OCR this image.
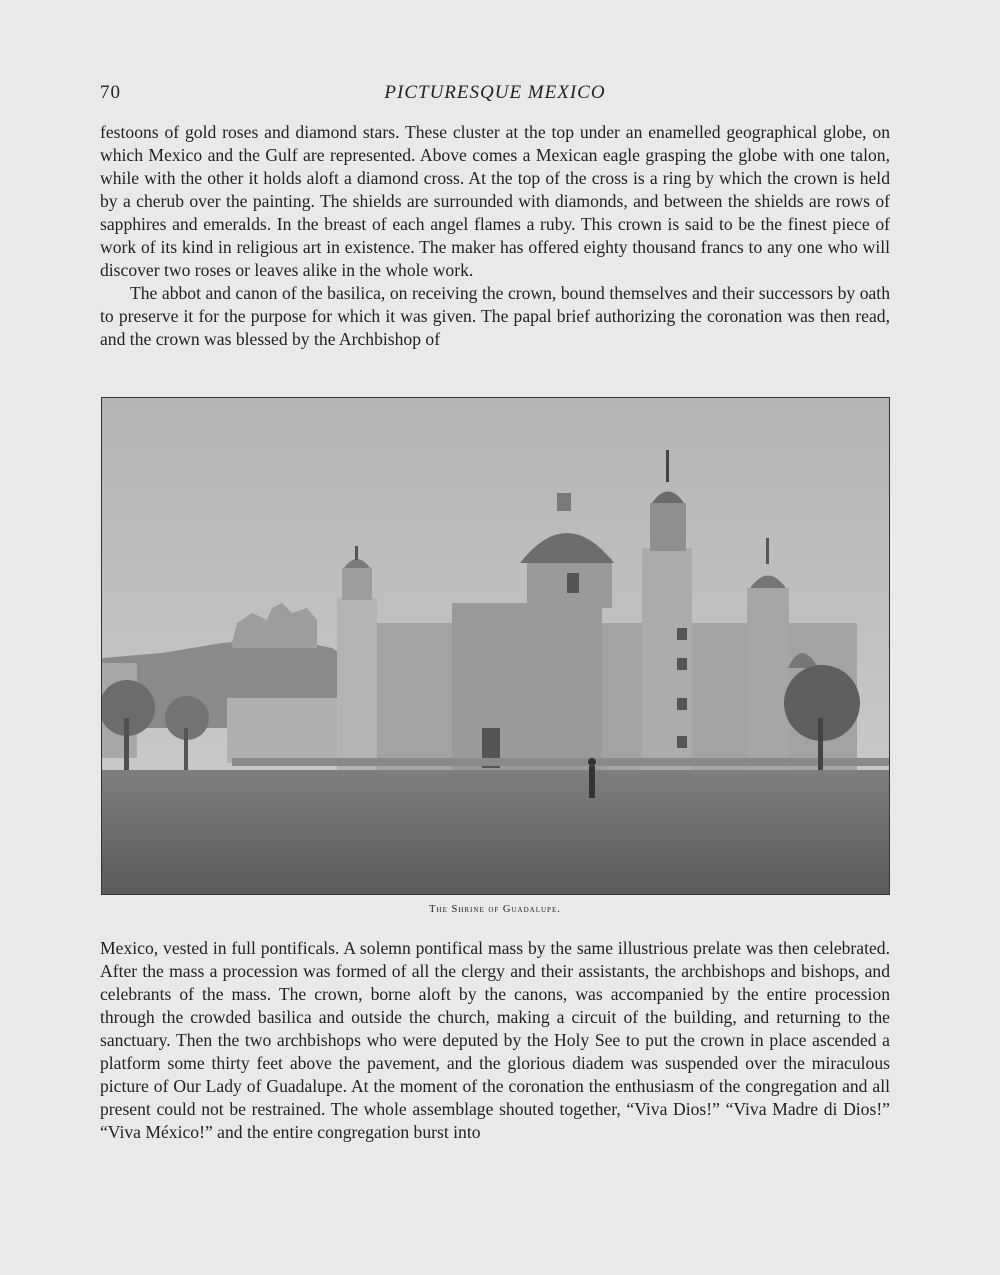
70	PICTURESQUE MEXICO

festoons of gold roses and diamond stars. These cluster at the top under an enamelled geographical globe, on which Mexico and the Gulf are represented. Above comes a Mexican eagle grasping the globe with one talon, while with the other it holds aloft a diamond cross. At the top of the cross is a ring by which the crown is held by a cherub over the painting. The shields are surrounded with diamonds, and between the shields are rows of sapphires and emeralds. In the breast of each angel flames a ruby. This crown is said to be the finest piece of work of its kind in religious art in existence. The maker has offered eighty thousand francs to any one who will discover two roses or leaves alike in the whole work.

The abbot and canon of the basilica, on receiving the crown, bound themselves and their successors by oath to preserve it for the purpose for which it was given. The papal brief authorizing the coronation was then read, and the crown was blessed by the Archbishop of

The Shrine of Guadalupe.

Mexico, vested in full pontificals. A solemn pontifical mass by the same illustrious prelate was then celebrated. After the mass a procession was formed of all the clergy and their assistants, the archbishops and bishops, and celebrants of the mass. The crown, borne aloft by the canons, was accompanied by the entire procession through the crowded basilica and outside the church, making a circuit of the building, and returning to the sanctuary. Then the two archbishops who were deputed by the Holy See to put the crown in place ascended a platform some thirty feet above the pavement, and the glorious diadem was suspended over the miraculous picture of Our Lady of Guadalupe. At the moment of the coronation the enthusiasm of the congregation and all present could not be restrained. The whole assemblage shouted together, “Viva Dios!” “Viva Madre di Dios!” “Viva México!” and the entire congregation burst into
